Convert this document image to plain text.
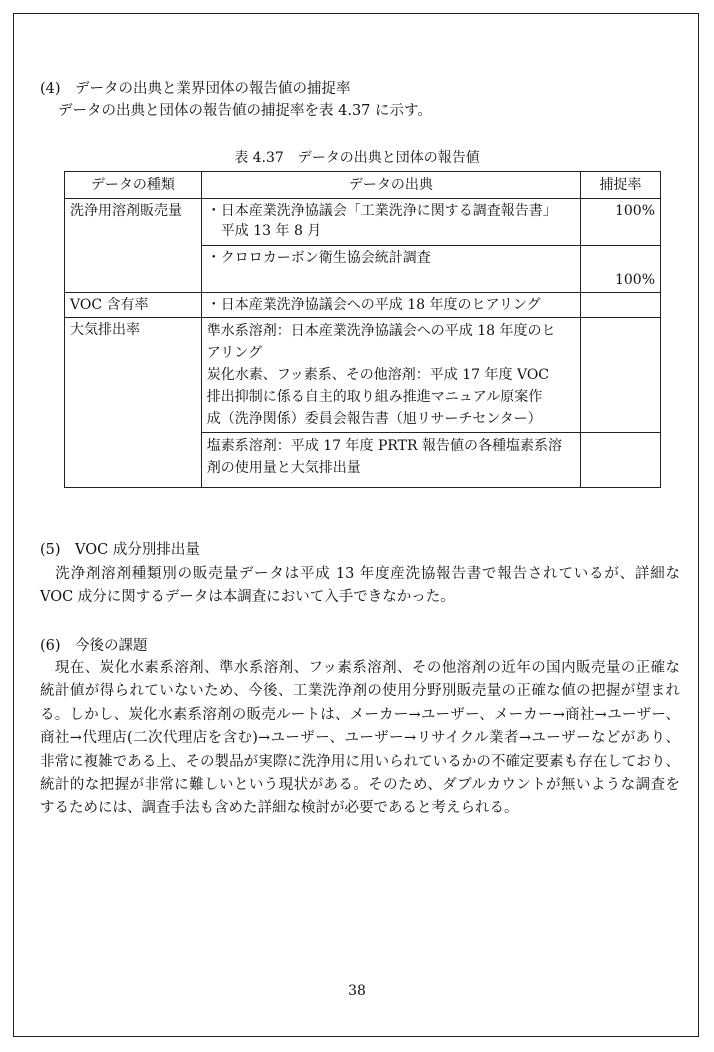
(4)　データの出典と業界団体の報告値の捕捉率
データの出典と団体の報告値の捕捉率を表 4.37 に示す。
表 4.37　データの出典と団体の報告値
データの種類	データの出典	捕捉率
洗浄用溶剤販売量	・日本産業洗浄協議会「工業洗浄に関する調査報告書」
　平成 13 年 8 月	100%

	・クロロカーボン衛生協会統計調査	100%
VOC 含有率	・日本産業洗浄協議会への平成 18 年度のヒアリング	

大気排出率	準水系溶剤：日本産業洗浄協議会への平成 18 年度のヒ
アリング
炭化水素、フッ素系、その他溶剤：平成 17 年度 VOC
排出抑制に係る自主的取り組み推進マニュアル原案作
成（洗浄関係）委員会報告書（旭リサーチセンター）	

	塩素系溶剤：平成 17 年度 PRTR 報告値の各種塩素系溶
剤の使用量と大気排出量	

(5)　VOC 成分別排出量
　洗浄剤溶剤種類別の販売量データは平成 13 年度産洗協報告書で報告されているが、詳細な
VOC 成分に関するデータは本調査において入手できなかった。
(6)　今後の課題
　現在、炭化水素系溶剤、準水系溶剤、フッ素系溶剤、その他溶剤の近年の国内販売量の正確な
統計値が得られていないため、今後、工業洗浄剤の使用分野別販売量の正確な値の把握が望まれ
る。しかし、炭化水素系溶剤の販売ルートは、メーカー→ユーザー、メーカー→商社→ユーザー、
商社→代理店(二次代理店を含む)→ユーザー、ユーザー→リサイクル業者→ユーザーなどがあり、
非常に複雑である上、その製品が実際に洗浄用に用いられているかの不確定要素も存在しており、
統計的な把握が非常に難しいという現状がある。そのため、ダブルカウントが無いような調査を
するためには、調査手法も含めた詳細な検討が必要であると考えられる。
38
